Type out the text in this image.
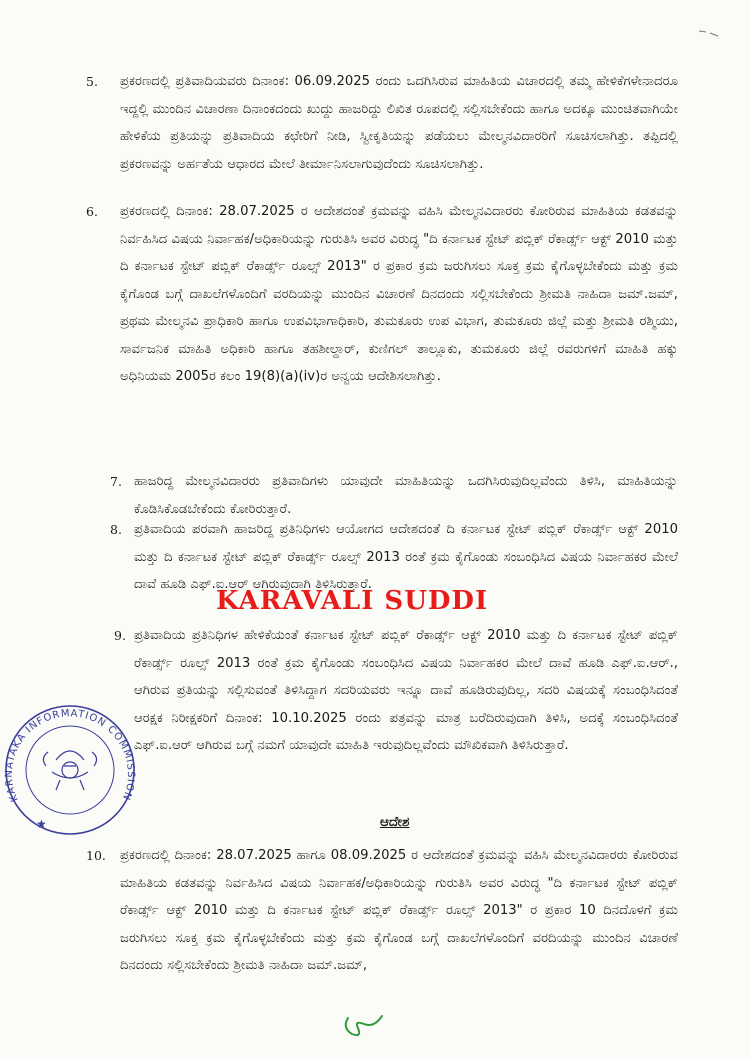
5.	ಪ್ರಕರಣದಲ್ಲಿ ಪ್ರತಿವಾದಿಯವರು ದಿನಾಂಕ: 06.09.2025 ರಂದು ಒದಗಿಸಿರುವ ಮಾಹಿತಿಯ ವಿಚಾರದಲ್ಲಿ ತಮ್ಮ ಹೇಳಿಕೆಗಳೇನಾದರೂ ಇದ್ದಲ್ಲಿ ಮುಂದಿನ ವಿಚಾರಣಾ ದಿನಾಂಕದಂದು ಖುದ್ದು ಹಾಜರಿದ್ದು ಲಿಖಿತ ರೂಪದಲ್ಲಿ ಸಲ್ಲಿಸಬೇಕೆಂದು ಹಾಗೂ ಅದಕ್ಕೂ ಮುಂಚಿತವಾಗಿಯೇ ಹೇಳಿಕೆಯ ಪ್ರತಿಯನ್ನು ಪ್ರತಿವಾದಿಯ ಕಛೇರಿಗೆ ನೀಡಿ, ಸ್ವೀಕೃತಿಯನ್ನು ಪಡೆಯಲು ಮೇಲ್ಮನವಿದಾರರಿಗೆ ಸೂಚಿಸಲಾಗಿತ್ತು. ತಪ್ಪಿದಲ್ಲಿ ಪ್ರಕರಣವನ್ನು ಅರ್ಹತೆಯ ಆಧಾರದ ಮೇಲೆ ತೀರ್ಮಾನಿಸಲಾಗುವುದೆಂದು ಸೂಚಿಸಲಾಗಿತ್ತು.
6.	ಪ್ರಕರಣದಲ್ಲಿ ದಿನಾಂಕ: 28.07.2025 ರ ಆದೇಶದಂತೆ ಕ್ರಮವನ್ನು ವಹಿಸಿ ಮೇಲ್ಮನವಿದಾರರು ಕೋರಿರುವ ಮಾಹಿತಿಯ ಕಡತವನ್ನು ನಿರ್ವಹಿಸಿದ ವಿಷಯ ನಿರ್ವಾಹಕ/ಅಧಿಕಾರಿಯನ್ನು ಗುರುತಿಸಿ ಅವರ ವಿರುದ್ಧ "ದಿ ಕರ್ನಾಟಕ ಸ್ಟೇಟ್ ಪಬ್ಲಿಕ್ ರೆಕಾರ್ಡ್ಸ್ ಆಕ್ಟ್ 2010 ಮತ್ತು ದಿ ಕರ್ನಾಟಕ ಸ್ಟೇಟ್ ಪಬ್ಲಿಕ್ ರೆಕಾರ್ಡ್ಸ್ ರೂಲ್ಸ್ 2013" ರ ಪ್ರಕಾರ ಕ್ರಮ ಜರುಗಿಸಲು ಸೂಕ್ತ ಕ್ರಮ ಕೈಗೊಳ್ಳಬೇಕೆಂದು ಮತ್ತು ಕ್ರಮ ಕೈಗೊಂಡ ಬಗ್ಗೆ ದಾಖಲೆಗಳೊಂದಿಗೆ ವರದಿಯನ್ನು ಮುಂದಿನ ವಿಚಾರಣೆ ದಿನದಂದು ಸಲ್ಲಿಸಬೇಕೆಂದು ಶ್ರೀಮತಿ ನಾಹಿದಾ ಜಮ್.ಜಮ್, ಪ್ರಥಮ ಮೇಲ್ಮನವಿ ಪ್ರಾಧಿಕಾರಿ ಹಾಗೂ ಉಪವಿಭಾಗಾಧಿಕಾರಿ, ತುಮಕೂರು ಉಪ ವಿಭಾಗ, ತುಮಕೂರು ಜಿಲ್ಲೆ ಮತ್ತು ಶ್ರೀಮತಿ ರಶ್ಮಿಯು, ಸಾರ್ವಜನಿಕ ಮಾಹಿತಿ ಅಧಿಕಾರಿ ಹಾಗೂ ತಹಶೀಲ್ದಾರ್, ಕುಣಿಗಲ್ ತಾಲ್ಲೂಕು, ತುಮಕೂರು ಜಿಲ್ಲೆ ರವರುಗಳಿಗೆ ಮಾಹಿತಿ ಹಕ್ಕು ಅಧಿನಿಯಮ 2005ರ ಕಲಂ 19(8)(a)(iv)ರ ಅನ್ವಯ ಆದೇಶಿಸಲಾಗಿತ್ತು.
7. ಹಾಜರಿದ್ದ ಮೇಲ್ಮನವಿದಾರರು ಪ್ರತಿವಾದಿಗಳು ಯಾವುದೇ ಮಾಹಿತಿಯನ್ನು ಒದಗಿಸಿರುವುದಿಲ್ಲವೆಂದು ತಿಳಿಸಿ, ಮಾಹಿತಿಯನ್ನು ಕೊಡಿಸಿಕೊಡಬೇಕೆಂದು ಕೋರಿರುತ್ತಾರೆ.
8. ಪ್ರತಿವಾದಿಯ ಪರವಾಗಿ ಹಾಜರಿದ್ದ ಪ್ರತಿನಿಧಿಗಳು ಆಯೋಗದ ಆದೇಶದಂತೆ ದಿ ಕರ್ನಾಟಕ ಸ್ಟೇಟ್ ಪಬ್ಲಿಕ್ ರೆಕಾರ್ಡ್ಸ್ ಆಕ್ಟ್ 2010 ಮತ್ತು ದಿ ಕರ್ನಾಟಕ ಸ್ಟೇಟ್ ಪಬ್ಲಿಕ್ ರೆಕಾರ್ಡ್ಸ್ ರೂಲ್ಸ್ 2013 ರಂತೆ ಕ್ರಮ ಕೈಗೊಂಡು ಸಂಬಂಧಿಸಿದ ವಿಷಯ ನಿರ್ವಾಹಕರ ಮೇಲೆ ದಾವೆ ಹೂಡಿ ಎಫ್.ಐ.ಆರ್ ಆಗಿರುವುದಾಗಿ ತಿಳಿಸಿರುತ್ತಾರೆ.
9. ಪ್ರತಿವಾದಿಯ ಪ್ರತಿನಿಧಿಗಳ ಹೇಳಿಕೆಯಂತೆ ಕರ್ನಾಟಕ ಸ್ಟೇಟ್ ಪಬ್ಲಿಕ್ ರೆಕಾರ್ಡ್ಸ್ ಆಕ್ಟ್ 2010 ಮತ್ತು ದಿ ಕರ್ನಾಟಕ ಸ್ಟೇಟ್ ಪಬ್ಲಿಕ್ ರೆಕಾರ್ಡ್ಸ್ ರೂಲ್ಸ್ 2013 ರಂತೆ ಕ್ರಮ ಕೈಗೊಂಡು ಸಂಬಂಧಿಸಿದ ವಿಷಯ ನಿರ್ವಾಹಕರ ಮೇಲೆ ದಾವೆ ಹೂಡಿ ಎಫ್.ಐ.ಆರ್., ಆಗಿರುವ ಪ್ರತಿಯನ್ನು ಸಲ್ಲಿಸುವಂತೆ ತಿಳಿಸಿದ್ದಾಗ ಸದರಿಯವರು ಇನ್ನೂ ದಾವೆ ಹೂಡಿರುವುದಿಲ್ಲ, ಸದರಿ ವಿಷಯಕ್ಕೆ ಸಂಬಂಧಿಸಿದಂತೆ ಆರಕ್ಷಕ ನಿರೀಕ್ಷಕರಿಗೆ ದಿನಾಂಕ: 10.10.2025 ರಂದು ಪತ್ರವನ್ನು ಮಾತ್ರ ಬರೆದಿರುವುದಾಗಿ ತಿಳಿಸಿ, ಅದಕ್ಕೆ ಸಂಬಂಧಿಸಿದಂತೆ ಎಫ್.ಐ.ಆರ್ ಆಗಿರುವ ಬಗ್ಗೆ ನಮಗೆ ಯಾವುದೇ ಮಾಹಿತಿ ಇರುವುದಿಲ್ಲವೆಂದು ಮೌಖಿಕವಾಗಿ ತಿಳಿಸಿರುತ್ತಾರೆ.
ಆದೇಶ
10.	ಪ್ರಕರಣದಲ್ಲಿ ದಿನಾಂಕ: 28.07.2025 ಹಾಗೂ 08.09.2025 ರ ಆದೇಶದಂತೆ ಕ್ರಮವನ್ನು ವಹಿಸಿ ಮೇಲ್ಮನವಿದಾರರು ಕೋರಿರುವ ಮಾಹಿತಿಯ ಕಡತವನ್ನು ನಿರ್ವಹಿಸಿದ ವಿಷಯ ನಿರ್ವಾಹಕ/ಅಧಿಕಾರಿಯನ್ನು ಗುರುತಿಸಿ ಅವರ ವಿರುದ್ಧ "ದಿ ಕರ್ನಾಟಕ ಸ್ಟೇಟ್ ಪಬ್ಲಿಕ್ ರೆಕಾರ್ಡ್ಸ್ ಆಕ್ಟ್ 2010 ಮತ್ತು ದಿ ಕರ್ನಾಟಕ ಸ್ಟೇಟ್ ಪಬ್ಲಿಕ್ ರೆಕಾರ್ಡ್ಸ್ ರೂಲ್ಸ್ 2013" ರ ಪ್ರಕಾರ 10 ದಿನದೊಳಗೆ ಕ್ರಮ ಜರುಗಿಸಲು ಸೂಕ್ತ ಕ್ರಮ ಕೈಗೊಳ್ಳಬೇಕೆಂದು ಮತ್ತು ಕ್ರಮ ಕೈಗೊಂಡ ಬಗ್ಗೆ ದಾಖಲೆಗಳೊಂದಿಗೆ ವರದಿಯನ್ನು ಮುಂದಿನ ವಿಚಾರಣೆ ದಿನದಂದು ಸಲ್ಲಿಸಬೇಕೆಂದು ಶ್ರೀಮತಿ ನಾಹಿದಾ ಜಮ್.ಜಮ್,
KARAVALI SUDDI
KARNATAKA INFORMATION COMMISSION
★
